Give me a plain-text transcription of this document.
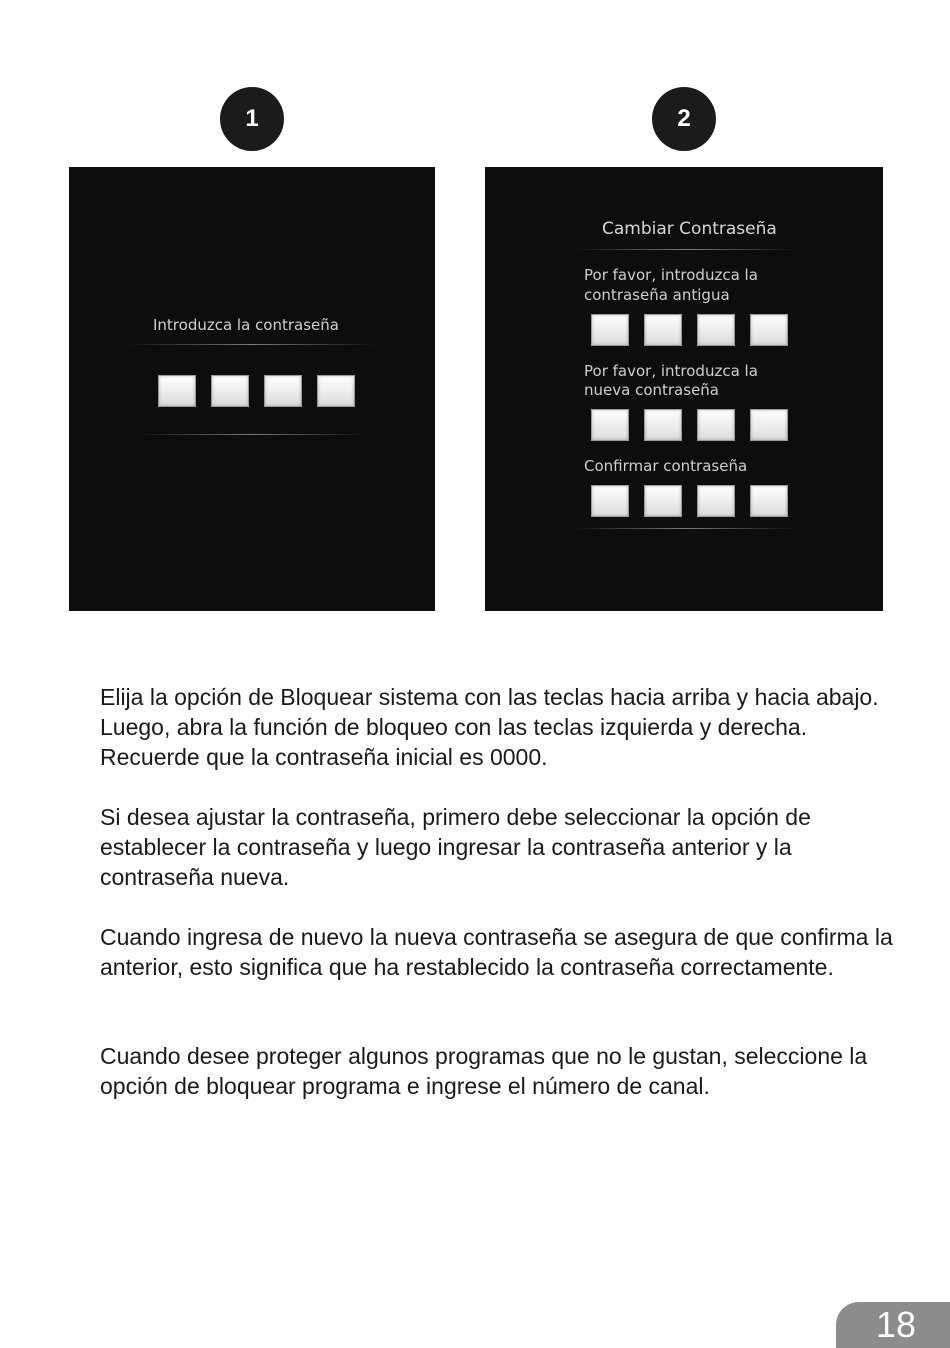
1	2
Introduzca la contraseña
Cambiar Contraseña
Por favor, introduzca la
contraseña antigua
Por favor, introduzca la
nueva contraseña
Confirmar contraseña

Elija la opción de Bloquear sistema con las teclas hacia arriba y hacia abajo. Luego, abra la función de bloqueo con las teclas izquierda y derecha. Recuerde que la contraseña inicial es 0000.

Si desea ajustar la contraseña, primero debe seleccionar la opción de establecer la contraseña y luego ingresar la contraseña anterior y la contraseña nueva.

Cuando ingresa de nuevo la nueva contraseña se asegura de que confirma la anterior, esto significa que ha restablecido la contraseña correctamente.

Cuando desee proteger algunos programas que no le gustan, seleccione la opción de bloquear programa e ingrese el número de canal.

18
